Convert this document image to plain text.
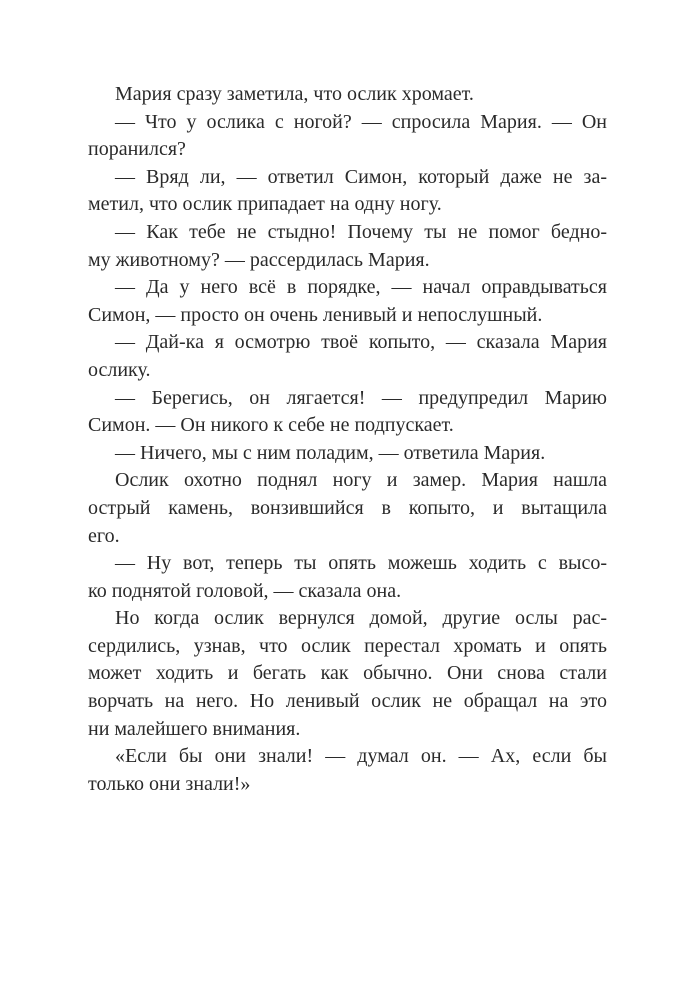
Мария сразу заметила, что ослик хромает.
— Что у ослика с ногой? — спросила Мария. — Он
поранился?
— Вряд ли, — ответил Симон, который даже не за-
метил, что ослик припадает на одну ногу.
— Как тебе не стыдно! Почему ты не помог бедно-
му животному? — рассердилась Мария.
— Да у него всё в порядке, — начал оправдываться
Симон, — просто он очень ленивый и непослушный.
— Дай-ка я осмотрю твоё копыто, — сказала Мария
ослику.
— Берегись, он лягается! — предупредил Марию
Симон. — Он никого к себе не подпускает.
— Ничего, мы с ним поладим, — ответила Мария.
Ослик охотно поднял ногу и замер. Мария нашла
острый камень, вонзившийся в копыто, и вытащила
его.
— Ну вот, теперь ты опять можешь ходить с высо-
ко поднятой головой, — сказала она.
Но когда ослик вернулся домой, другие ослы рас-
сердились, узнав, что ослик перестал хромать и опять
может ходить и бегать как обычно. Они снова стали
ворчать на него. Но ленивый ослик не обращал на это
ни малейшего внимания.
«Если бы они знали! — думал он. — Ах, если бы
только они знали!»
